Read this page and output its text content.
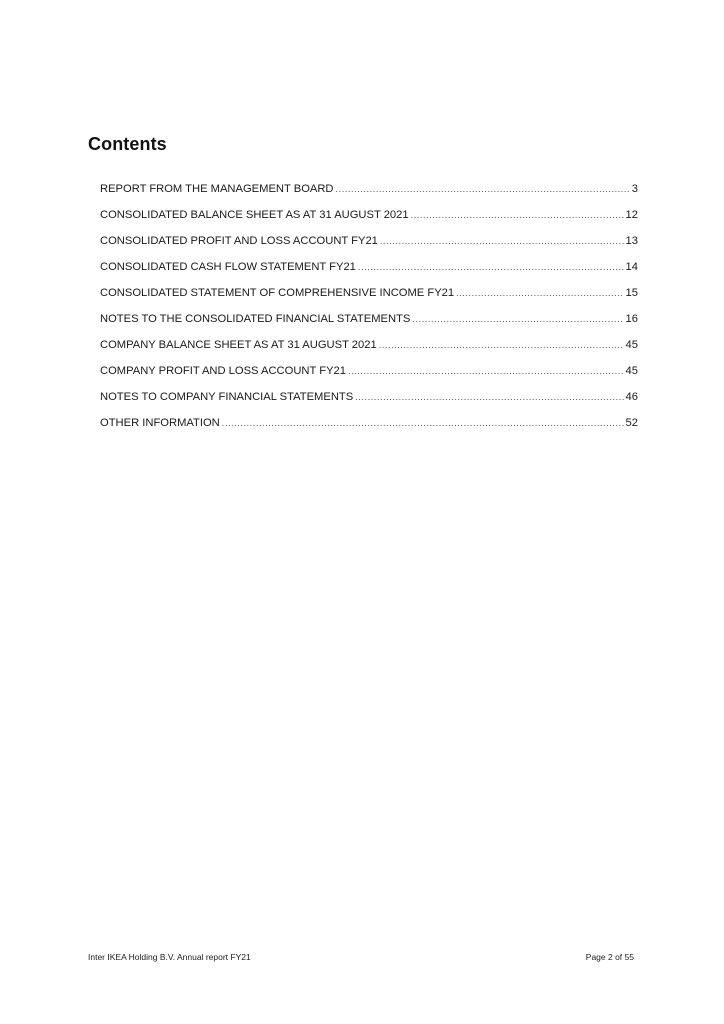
Contents
REPORT FROM THE MANAGEMENT BOARD .....	3
CONSOLIDATED BALANCE SHEET AS AT 31 AUGUST 2021 .....	12
CONSOLIDATED PROFIT AND LOSS ACCOUNT FY21 .....	13
CONSOLIDATED CASH FLOW STATEMENT FY21 .....	14
CONSOLIDATED STATEMENT OF COMPREHENSIVE INCOME FY21 .....	15
NOTES TO THE CONSOLIDATED FINANCIAL STATEMENTS .....	16
COMPANY BALANCE SHEET AS AT 31 AUGUST 2021 .....	45
COMPANY PROFIT AND LOSS ACCOUNT FY21 .....	45
NOTES TO COMPANY FINANCIAL STATEMENTS .....	46
OTHER INFORMATION .....	52
Inter IKEA Holding B.V. Annual report FY21	Page 2 of 55
